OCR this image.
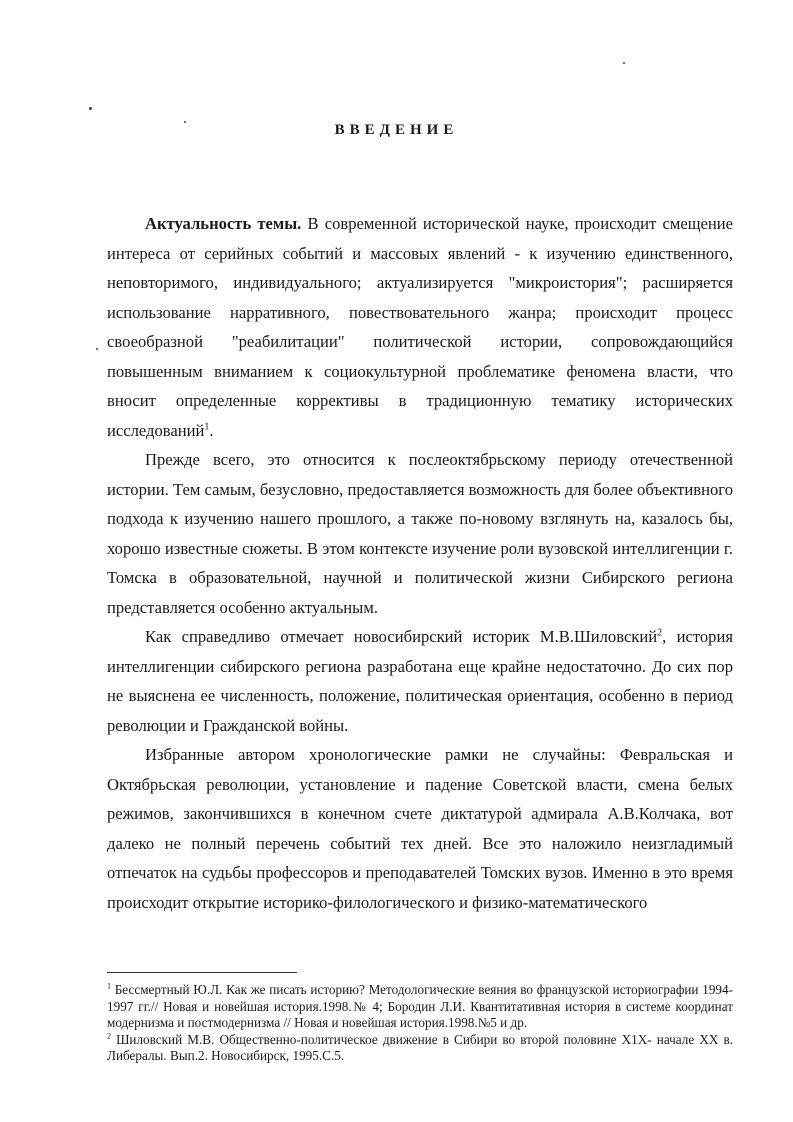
ВВЕДЕНИЕ

Актуальность темы. В современной исторической науке, происходит смещение интереса от серийных событий и массовых явлений - к изучению единственного, неповторимого, индивидуального; актуализируется "микроистория"; расширяется использование нарративного, повествовательного жанра; происходит процесс своеобразной "реабилитации" политической истории, сопровождающийся повышенным вниманием к социокультурной проблематике феномена власти, что вносит определенные коррективы в традиционную тематику исторических исследований$^1$.

Прежде всего, это относится к послеоктябрьскому периоду отечественной истории. Тем самым, безусловно, предоставляется возможность для более объективного подхода к изучению нашего прошлого, а также по-новому взглянуть на, казалось бы, хорошо известные сюжеты. В этом контексте изучение роли вузовской интеллигенции г. Томска в образовательной, научной и политической жизни Сибирского региона представляется особенно актуальным.

Как справедливо отмечает новосибирский историк М.В.Шиловский$^2$, история интеллигенции сибирского региона разработана еще крайне недостаточно. До сих пор не выяснена ее численность, положение, политическая ориентация, особенно в период революции и Гражданской войны.

Избранные автором хронологические рамки не случайны: Февральская и Октябрьская революции, установление и падение Советской власти, смена белых режимов, закончившихся в конечном счете диктатурой адмирала А.В.Колчака, вот далеко не полный перечень событий тех дней. Все это наложило неизгладимый отпечаток на судьбы профессоров и преподавателей Томских вузов. Именно в это время происходит открытие историко-филологического и физико-математического

$^1$ Бессмертный Ю.Л. Как же писать историю? Методологические веяния во французской историографии 1994-1997 гг.// Новая и новейшая история.1998.№ 4; Бородин Л.И. Квантитативная история в системе координат модернизма и постмодернизма // Новая и новейшая история.1998.№5 и др.

$^2$ Шиловский М.В. Общественно-политическое движение в Сибири во второй половине Х1Х- начале ХХ в. Либералы. Вып.2. Новосибирск, 1995.С.5.
